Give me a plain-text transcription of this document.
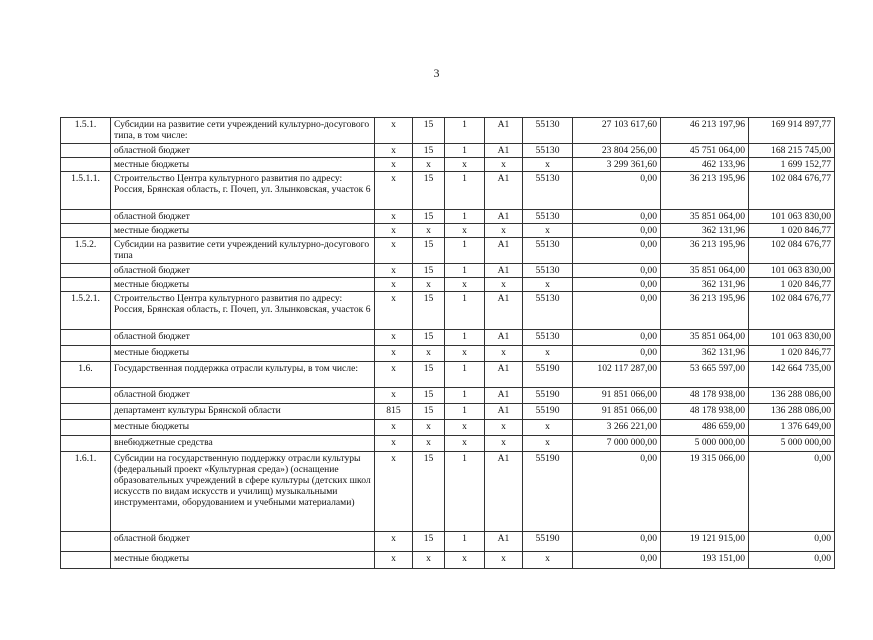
3
1.5.1.	Субсидии на развитие сети учреждений культурно-досугового типа, в том числе:	х	15	1	А1	55130	27 103 617,60	46 213 197,96	169 914 897,77
	областной бюджет	х	15	1	А1	55130	23 804 256,00	45 751 064,00	168 215 745,00
	местные бюджеты	х	х	х	х	х	3 299 361,60	462 133,96	1 699 152,77
1.5.1.1.	Строительство Центра культурного развития по адресу: Россия, Брянская область, г. Почеп, ул. Злынковская, участок 6	х	15	1	А1	55130	0,00	36 213 195,96	102 084 676,77
	областной бюджет	х	15	1	А1	55130	0,00	35 851 064,00	101 063 830,00
	местные бюджеты	х	х	х	х	х	0,00	362 131,96	1 020 846,77
1.5.2.	Субсидии на развитие сети учреждений культурно-досугового типа	х	15	1	А1	55130	0,00	36 213 195,96	102 084 676,77
	областной бюджет	х	15	1	А1	55130	0,00	35 851 064,00	101 063 830,00
	местные бюджеты	х	х	х	х	х	0,00	362 131,96	1 020 846,77
1.5.2.1.	Строительство Центра культурного развития по адресу: Россия, Брянская область, г. Почеп, ул. Злынковская, участок 6	х	15	1	А1	55130	0,00	36 213 195,96	102 084 676,77
	областной бюджет	х	15	1	А1	55130	0,00	35 851 064,00	101 063 830,00
	местные бюджеты	х	х	х	х	х	0,00	362 131,96	1 020 846,77
1.6.	Государственная поддержка отрасли культуры, в том числе:	х	15	1	А1	55190	102 117 287,00	53 665 597,00	142 664 735,00
	областной бюджет	х	15	1	А1	55190	91 851 066,00	48 178 938,00	136 288 086,00
	департамент культуры Брянской области	815	15	1	А1	55190	91 851 066,00	48 178 938,00	136 288 086,00
	местные бюджеты	х	х	х	х	х	3 266 221,00	486 659,00	1 376 649,00
	внебюджетные средства	х	х	х	х	х	7 000 000,00	5 000 000,00	5 000 000,00
1.6.1.	Субсидии на государственную поддержку отрасли культуры (федеральный проект «Культурная среда») (оснащение образовательных учреждений в сфере культуры (детских школ искусств по видам искусств и училищ) музыкальными инструментами, оборудованием и учебными материалами)	х	15	1	А1	55190	0,00	19 315 066,00	0,00
	областной бюджет	х	15	1	А1	55190	0,00	19 121 915,00	0,00
	местные бюджеты	х	х	х	х	х	0,00	193 151,00	0,00
